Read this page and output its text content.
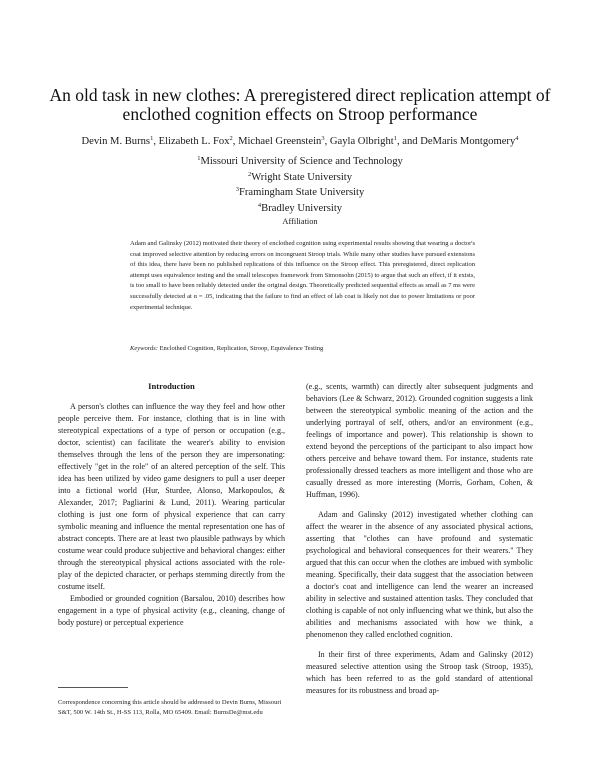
An old task in new clothes: A preregistered direct replication attempt of enclothed cognition effects on Stroop performance
Devin M. Burns$^1$, Elizabeth L. Fox$^2$, Michael Greenstein$^3$, Gayla Olbright$^1$, and DeMaris Montgomery$^4$
$^1$Missouri University of Science and Technology
$^2$Wright State University
$^3$Framingham State University
$^4$Bradley University
Affiliation
Adam and Galinsky (2012) motivated their theory of enclothed cognition using experimental results showing that wearing a doctor's coat improved selective attention by reducing errors on incongruent Stroop trials. While many other studies have pursued extensions of this idea, there have been no published replications of this influence on the Stroop effect. This preregistered, direct replication attempt uses equivalence testing and the small telescopes framework from Simonsohn (2015) to argue that such an effect, if it exists, is too small to have been reliably detected under the original design. Theoretically predicted sequential effects as small as 7 ms were successfully detected at α = .05, indicating that the failure to find an effect of lab coat is likely not due to power limitations or poor experimental technique.
Keywords: Enclothed Cognition, Replication, Stroop, Equivalence Testing
Introduction

A person's clothes can influence the way they feel and how other people perceive them. For instance, clothing that is in line with stereotypical expectations of a type of person or occupation (e.g., doctor, scientist) can facilitate the wearer's ability to envision themselves through the lens of the person they are impersonating: effectively "get in the role" of an altered perception of the self. This idea has been utilized by video game designers to pull a user deeper into a fictional world (Hur, Sturdee, Alonso, Markopoulos, & Alexander, 2017; Pagliarini & Lund, 2011). Wearing particular clothing is just one form of physical experience that can carry symbolic meaning and influence the mental representation one has of abstract concepts. There are at least two plausible pathways by which costume wear could produce subjective and behavioral changes: either through the stereotypical physical actions associated with the role-play of the depicted character, or perhaps stemming directly from the costume itself.

Embodied or grounded cognition (Barsalou, 2010) describes how engagement in a type of physical activity (e.g., cleaning, change of body posture) or perceptual experience

(e.g., scents, warmth) can directly alter subsequent judgments and behaviors (Lee & Schwarz, 2012). Grounded cognition suggests a link between the stereotypical symbolic meaning of the action and the underlying portrayal of self, others, and/or an environment (e.g., feelings of importance and power). This relationship is shown to extend beyond the perceptions of the participant to also impact how others perceive and behave toward them. For instance, students rate professionally dressed teachers as more intelligent and those who are casually dressed as more interesting (Morris, Gorham, Cohen, & Huffman, 1996).

Adam and Galinsky (2012) investigated whether clothing can affect the wearer in the absence of any associated physical actions, asserting that "clothes can have profound and systematic psychological and behavioral consequences for their wearers." They argued that this can occur when the clothes are imbued with symbolic meaning. Specifically, their data suggest that the association between a doctor's coat and intelligence can lend the wearer an increased ability in selective and sustained attention tasks. They concluded that clothing is capable of not only influencing what we think, but also the abilities and mechanisms associated with how we think, a phenomenon they called enclothed cognition.

In their first of three experiments, Adam and Galinsky (2012) measured selective attention using the Stroop task (Stroop, 1935), which has been referred to as the gold standard of attentional measures for its robustness and broad ap-

Correspondence concerning this article should be addressed to Devin Burns, Missouri S&T, 500 W. 14th St., H-SS 113, Rolla, MO 65409. Email: BurnsDe@mst.edu
